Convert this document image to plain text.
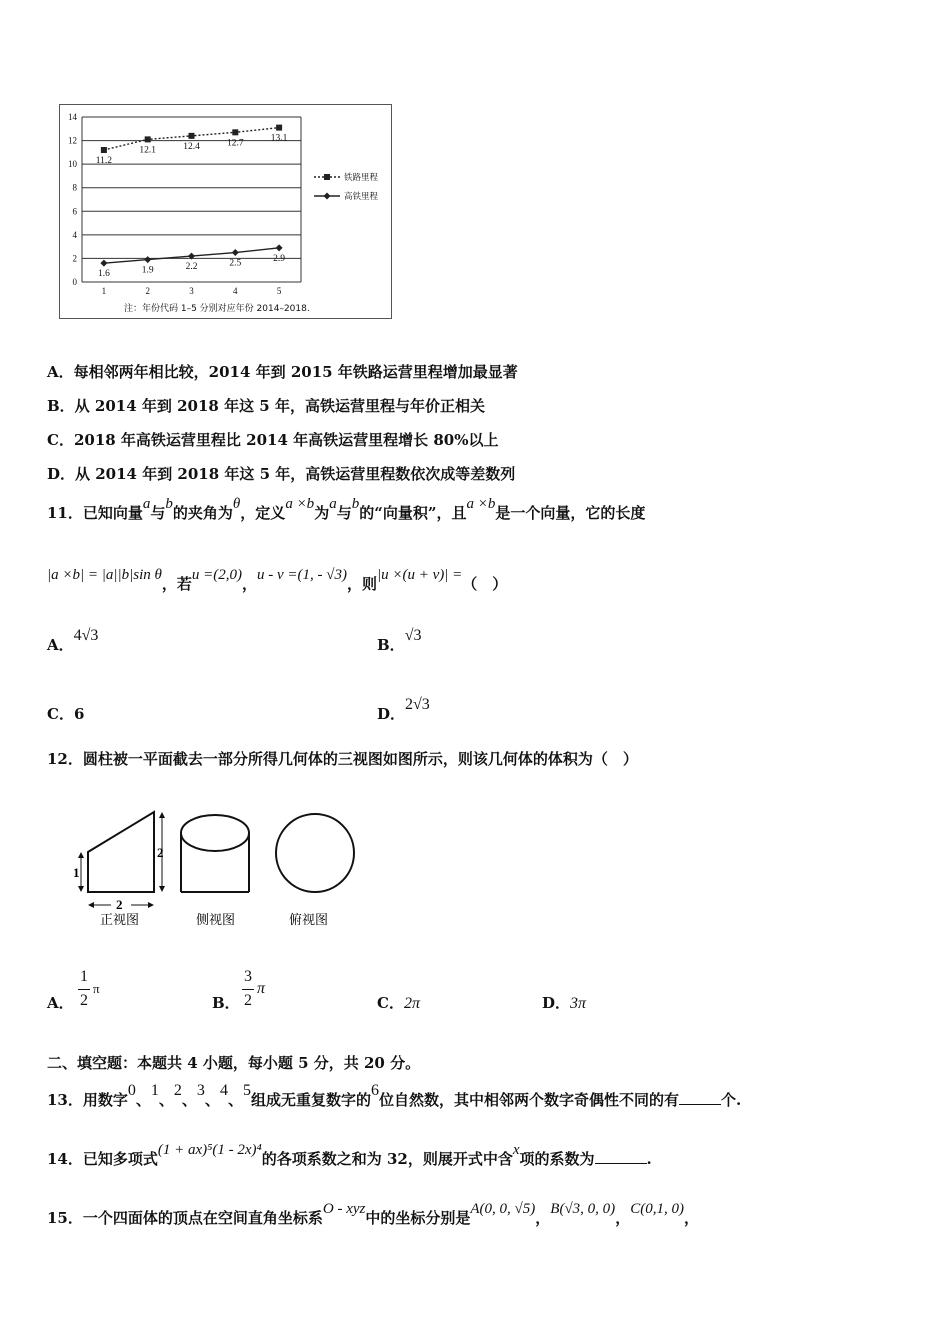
0
2
4
6
8
10
12
14
1	2	3	4	5
11.2
12.1	12.4	12.7	13.1
1.6	1.9	2.2	2.5	2.9
铁路里程
高铁里程
注：年份代码 1–5 分别对应年份 2014–2018.
A．每相邻两年相比较，2014 年到 2015 年铁路运营里程增加最显著
B．从 2014 年到 2018 年这 5 年，高铁运营里程与年价正相关
C．2018 年高铁运营里程比 2014 年高铁运营里程增长 80%以上
D．从 2014 年到 2018 年这 5 年，高铁运营里程数依次成等差数列
11．已知向量a与b的夹角为θ，定义a ×b为a与b的“向量积”，且a ×b是一个向量，它的长度
|a ×b| = |a||b|sin θ，若u =(2,0)，u - v =(1, - √3)，则|u ×(u + v)| =（　）
A．4√3
B．√3
C．6	D．2√3
12．圆柱被一平面截去一部分所得几何体的三视图如图所示，则该几何体的体积为（　）
1
2
2
正视图	侧视图	俯视图
A．
1
2
π
B．
3
2
π
C．2π	D．3π
二、填空题：本题共 4 小题，每小题 5 分，共 20 分。
13．用数字0、1、2、3、4、5组成无重复数字的6位自然数，其中相邻两个数字奇偶性不同的有	个.
14．已知多项式(1 + ax)⁵(1 - 2x)⁴的各项系数之和为 32，则展开式中含x项的系数为	.
15．一个四面体的顶点在空间直角坐标系O - xyz中的坐标分别是A(0, 0, √5)，B(√3, 0, 0)，C(0,1, 0)，
